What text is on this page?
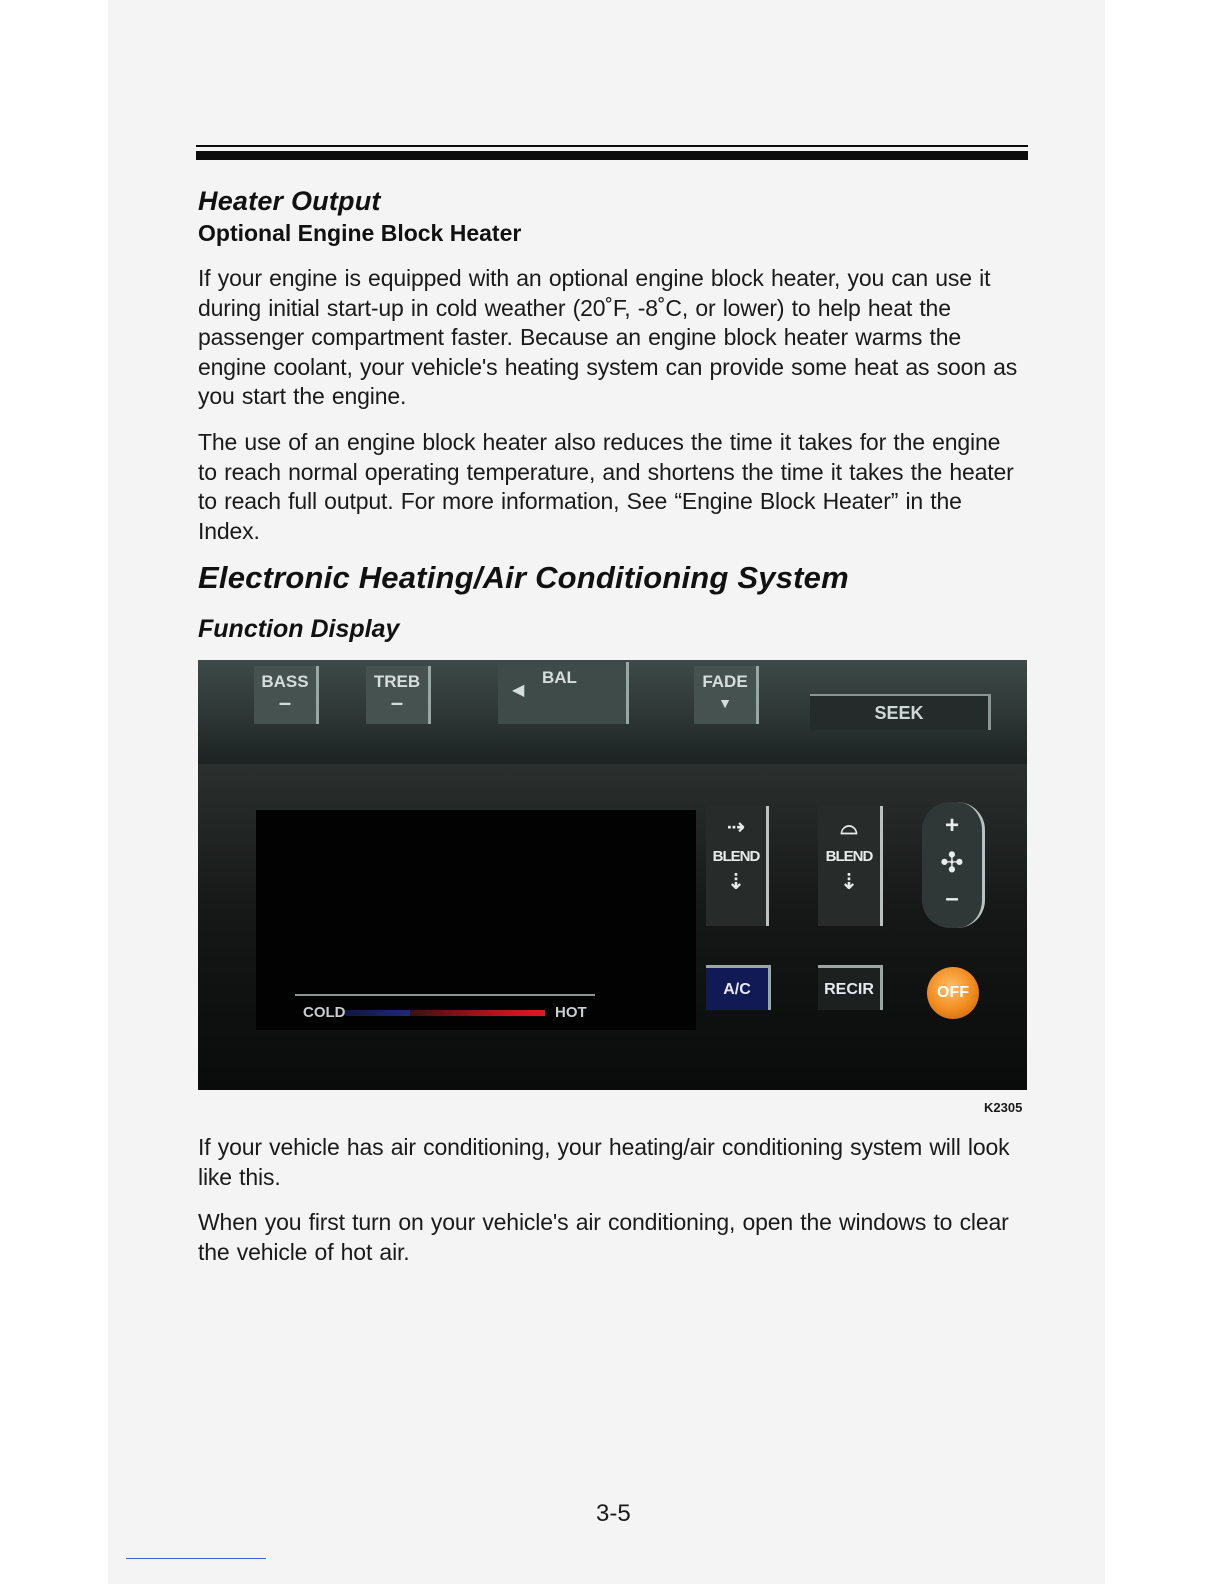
Heater Output
Optional Engine Block Heater

If your engine is equipped with an optional engine block heater, you can use it during initial start-up in cold weather (20˚F, -8˚C, or lower) to help heat the passenger compartment faster. Because an engine block heater warms the engine coolant, your vehicle's heating system can provide some heat as soon as you start the engine.

The use of an engine block heater also reduces the time it takes for the engine to reach normal operating temperature, and shortens the time it takes the heater to reach full output. For more information, See “Engine Block Heater” in the Index.

Electronic Heating/Air Conditioning System
Function Display
BASS
–
TREB
–	◀
BAL	FADE
▼	SEEK
⇢
BLEND
⇣
⌓
BLEND
⇣
+
✣
–
A/C	RECIR	OFF
COLD	HOT
K2305

If your vehicle has air conditioning, your heating/air conditioning system will look like this.

When you first turn on your vehicle's air conditioning, open the windows to clear the vehicle of hot air.

3-5
